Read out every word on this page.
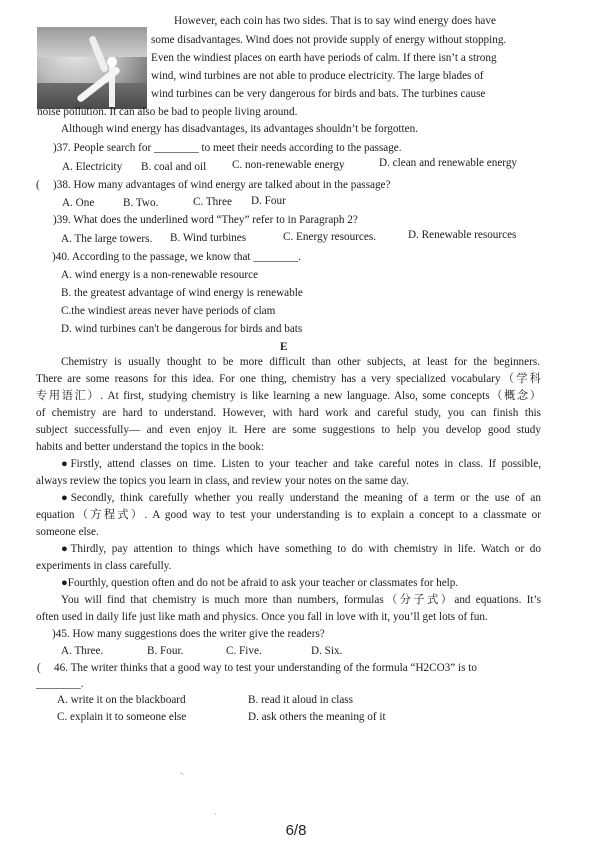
However, each coin has two sides. That is to say wind energy does have
some disadvantages. Wind does not provide supply of energy without stopping.
Even the windiest places on earth have periods of calm. If there isn’t a strong
wind, wind turbines are not able to produce electricity. The large blades of
wind turbines can be very dangerous for birds and bats. The turbines cause
noise pollution. It can also be bad to people living around.
Although wind energy has disadvantages, its advantages shouldn’t be forgotten.
)37. People search for ________ to meet their needs according to the passage.
A. Electricity B. coal and oil C. non-renewable energy	D. clean and renewable energy
( )38. How many advantages of wind energy are talked about in the passage?
A. One	B. Two.	C. Three D. Four
)39. What does the underlined word “They” refer to in Paragraph 2?
A. The large towers. B. Wind turbines	C. Energy resources.	D. Renewable resources
)40. According to the passage, we know that ________.
A. wind energy is a non-renewable resource
B. the greatest advantage of wind energy is renewable
C.the windiest areas never have periods of clam
D. wind turbines can't be dangerous for birds and bats
E
Chemistry is usually thought to be more difficult than other subjects, at least for the beginners.
There are some reasons for this idea. For one thing, chemistry has a very specialized vocabulary（学科
专用语汇）. At first, studying chemistry is like learning a new language. Also, some concepts（概念）
of chemistry are hard to understand. However, with hard work and careful study, you can finish this
subject successfully— and even enjoy it. Here are some suggestions to help you develop good study
habits and better understand the topics in the book:
●Firstly, attend classes on time. Listen to your teacher and take careful notes in class. If possible,
always review the topics you learn in class, and review your notes on the same day.
●Secondly, think carefully whether you really understand the meaning of a term or the use of an
equation（方程式）. A good way to test your understanding is to explain a concept to a classmate or
someone else.
●Thirdly, pay attention to things which have something to do with chemistry in life. Watch or do
experiments in class carefully.
●Fourthly, question often and do not be afraid to ask your teacher or classmates for help.
You will find that chemistry is much more than numbers, formulas（分子式）and equations. It’s
often used in daily life just like math and physics. Once you fall in love with it, you’ll get lots of fun.
)45. How many suggestions does the writer give the readers?
A. Three.	B. Four.	C. Five.	D. Six.
( 46. The writer thinks that a good way to test your understanding of the formula “H2CO3” is to
________.
A. write it on the blackboard	B. read it aloud in class
C. explain it to someone else	D. ask others the meaning of it
⸌
ˌ
6/8
